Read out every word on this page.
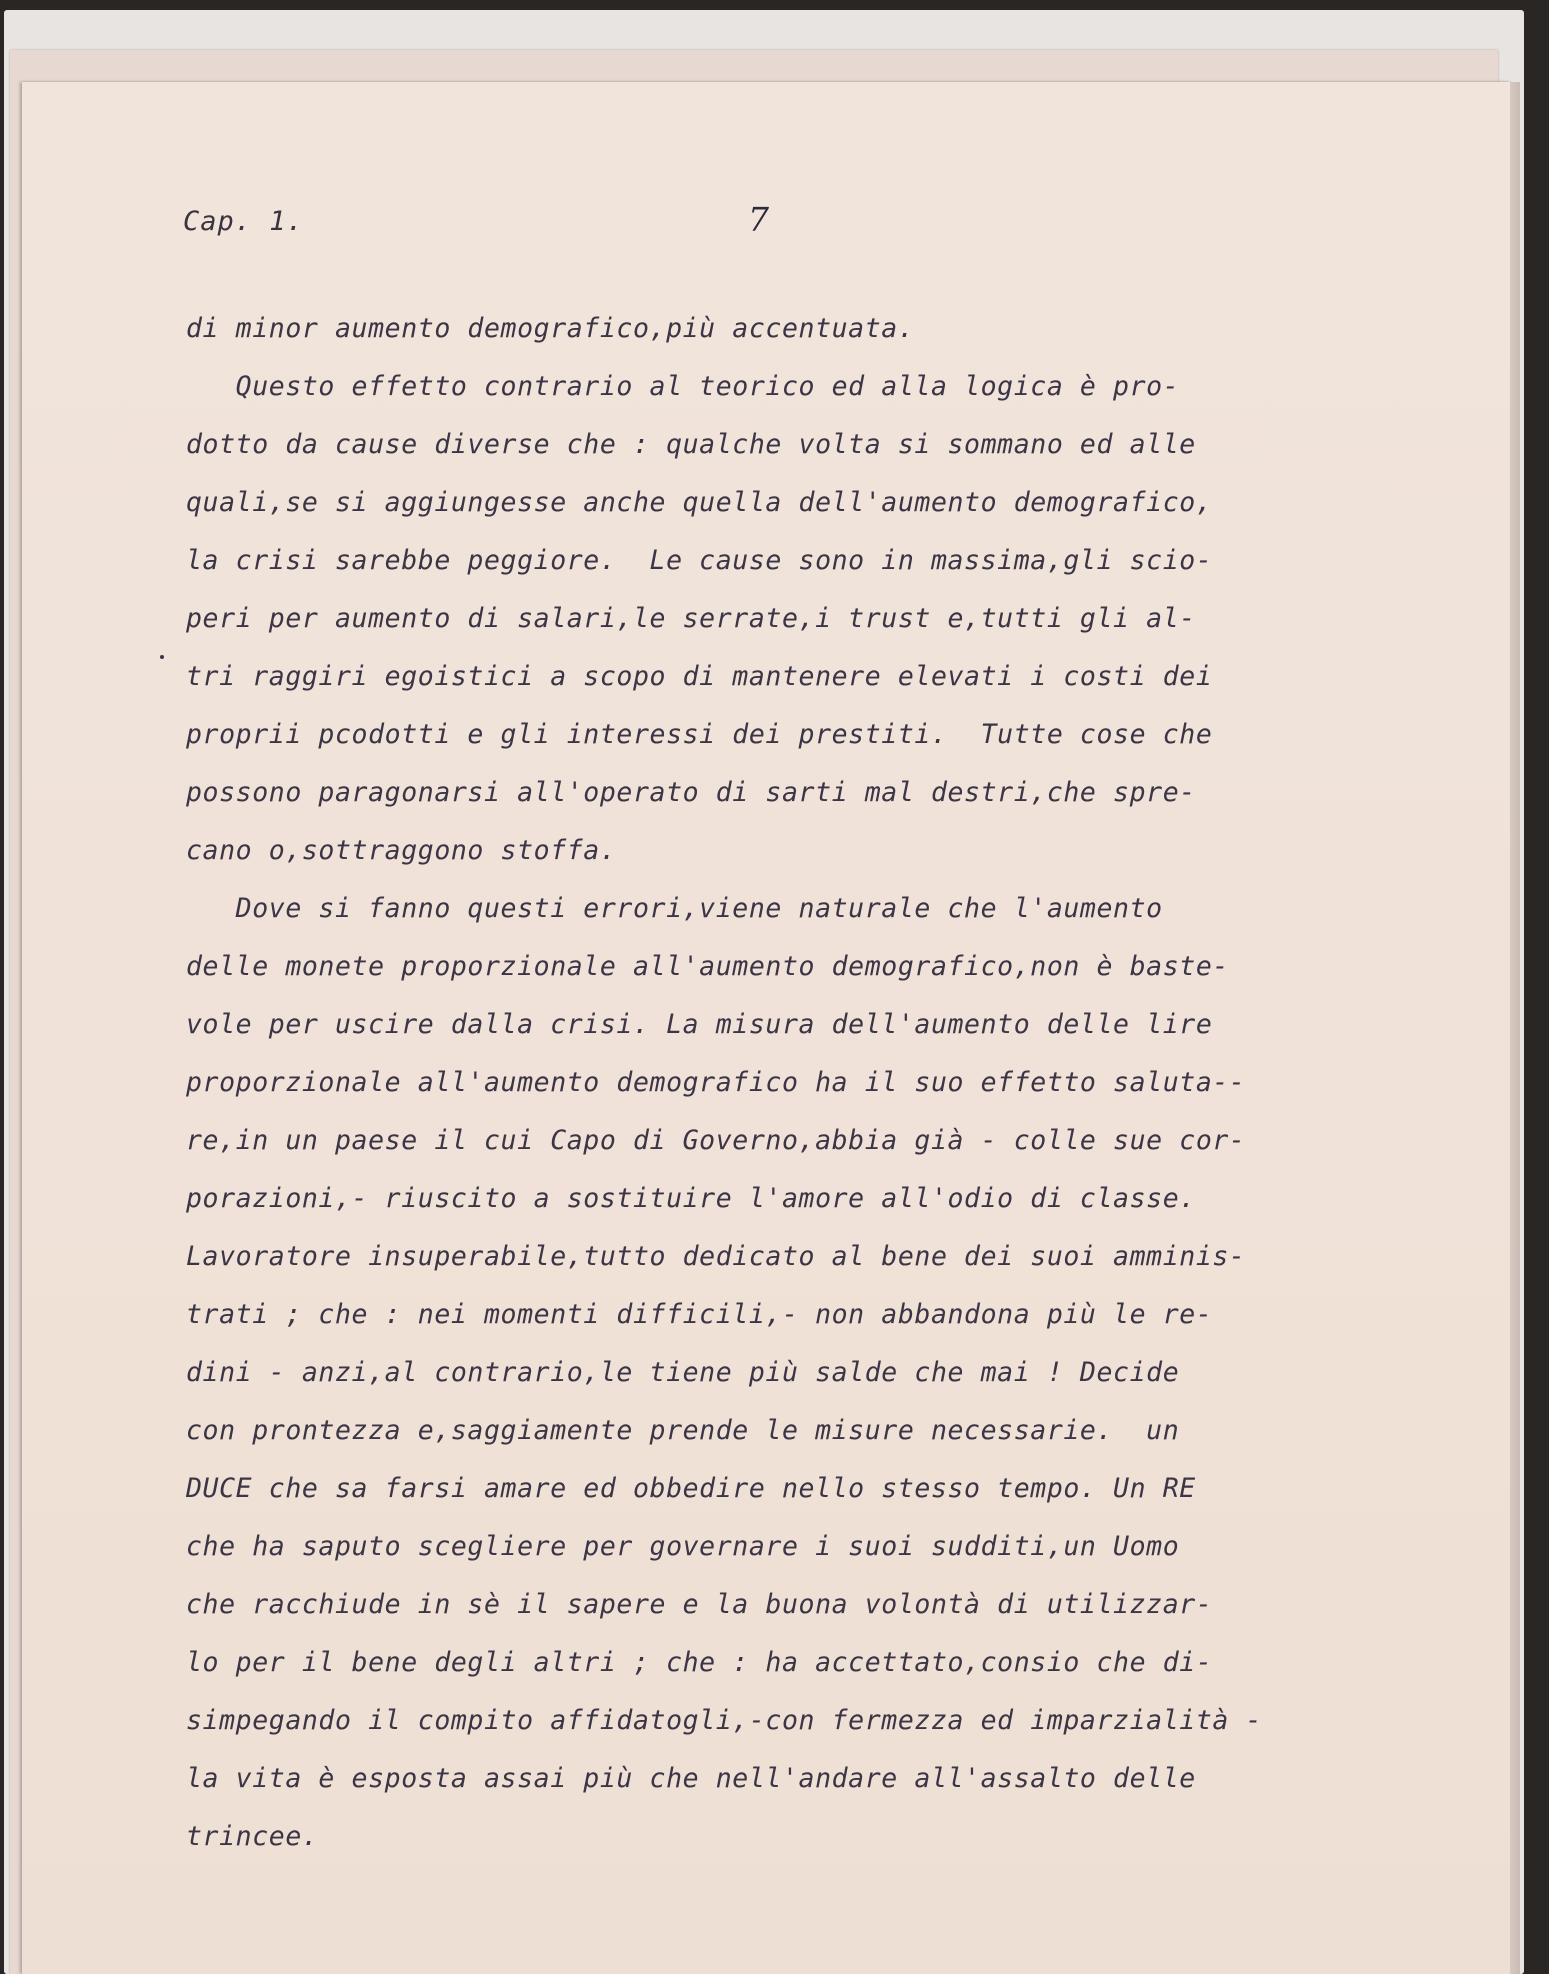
Cap. 1.	7
di minor aumento demografico,più accentuata.
Questo effetto contrario al teorico ed alla logica è pro-
dotto da cause diverse che : qualche volta si sommano ed alle
quali,se si aggiungesse anche quella dell'aumento demografico,
la crisi sarebbe peggiore.  Le cause sono in massima,gli scio-
peri per aumento di salari,le serrate,i trust e,tutti gli al-
tri raggiri egoistici a scopo di mantenere elevati i costi dei
proprii pcodotti e gli interessi dei prestiti.  Tutte cose che
possono paragonarsi all'operato di sarti mal destri,che spre-
cano o,sottraggono stoffa.
Dove si fanno questi errori,viene naturale che l'aumento
delle monete proporzionale all'aumento demografico,non è baste-
vole per uscire dalla crisi. La misura dell'aumento delle lire
proporzionale all'aumento demografico ha il suo effetto saluta--
re,in un paese il cui Capo di Governo,abbia già - colle sue cor-
porazioni,- riuscito a sostituire l'amore all'odio di classe.
Lavoratore insuperabile,tutto dedicato al bene dei suoi amminis-
trati ; che : nei momenti difficili,- non abbandona più le re-
dini - anzi,al contrario,le tiene più salde che mai ! Decide
con prontezza e,saggiamente prende le misure necessarie.  un
DUCE che sa farsi amare ed obbedire nello stesso tempo. Un RE
che ha saputo scegliere per governare i suoi sudditi,un Uomo
che racchiude in sè il sapere e la buona volontà di utilizzar-
lo per il bene degli altri ; che : ha accettato,consio che di-
simpegando il compito affidatogli,-con fermezza ed imparzialità -
la vita è esposta assai più che nell'andare all'assalto delle
trincee.
